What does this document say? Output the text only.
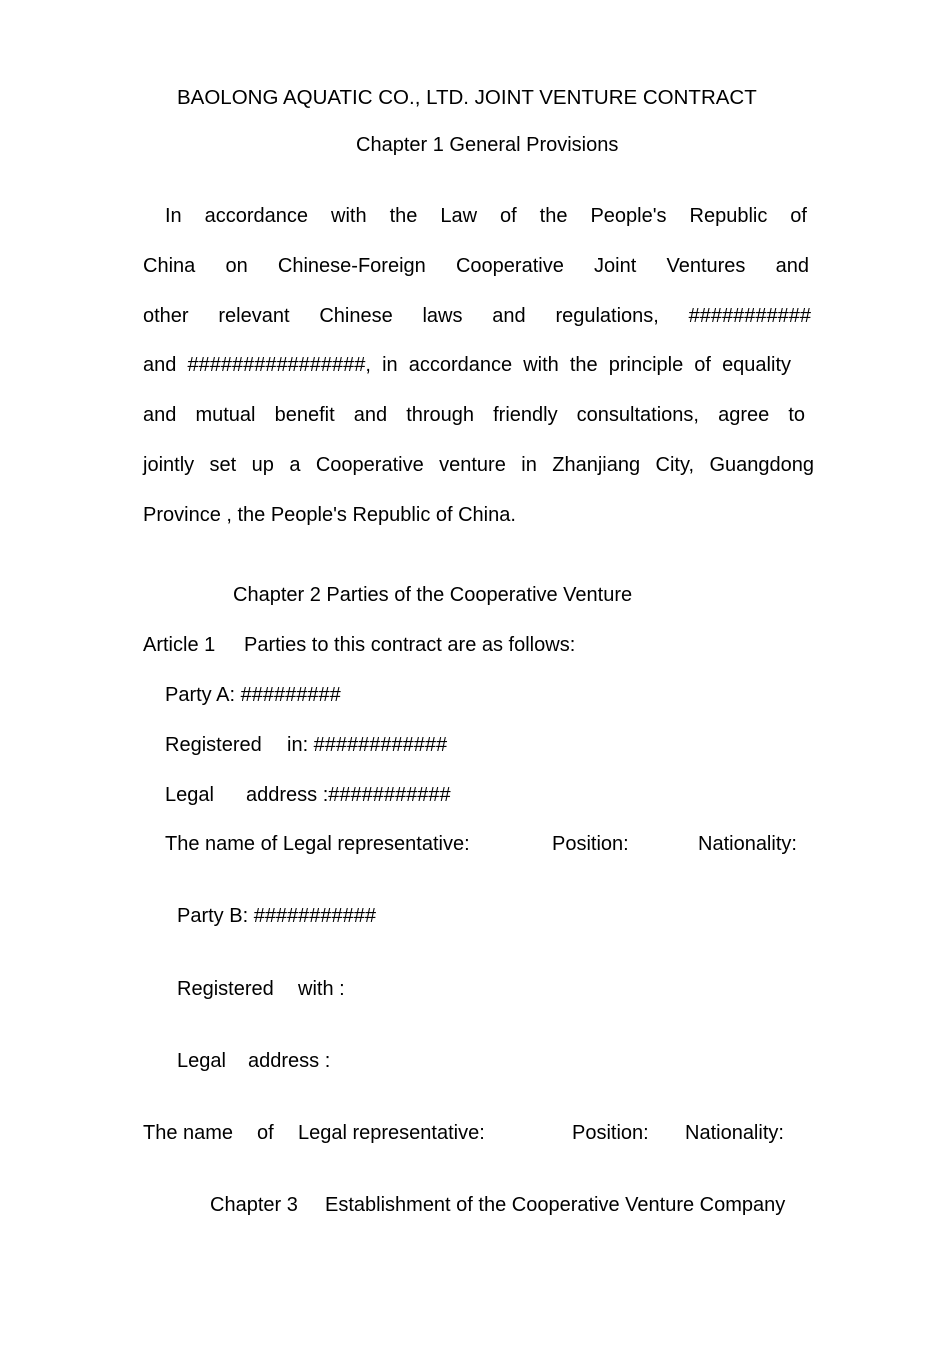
BAOLONG AQUATIC CO., LTD. JOINT VENTURE CONTRACT

Chapter 1 General Provisions

In accordance with the Law of the People's Republic of

China on Chinese-Foreign Cooperative Joint Ventures and

other relevant Chinese laws and regulations, ###########

and ################, in accordance with the principle of equality

and mutual benefit and through friendly consultations, agree to

jointly set up a Cooperative venture in Zhanjiang City, Guangdong

Province , the People's Republic of China.

Chapter 2 Parties of the Cooperative Venture

Article 1 Parties to this contract are as follows:

Party A: #########

Registered in: ############

Legal address :###########

The name of Legal representative:	Position:	Nationality:

Party B: ###########

Registered with :

Legal address :

The name of Legal representative:	Position: Nationality:

Chapter 3 Establishment of the Cooperative Venture Company
